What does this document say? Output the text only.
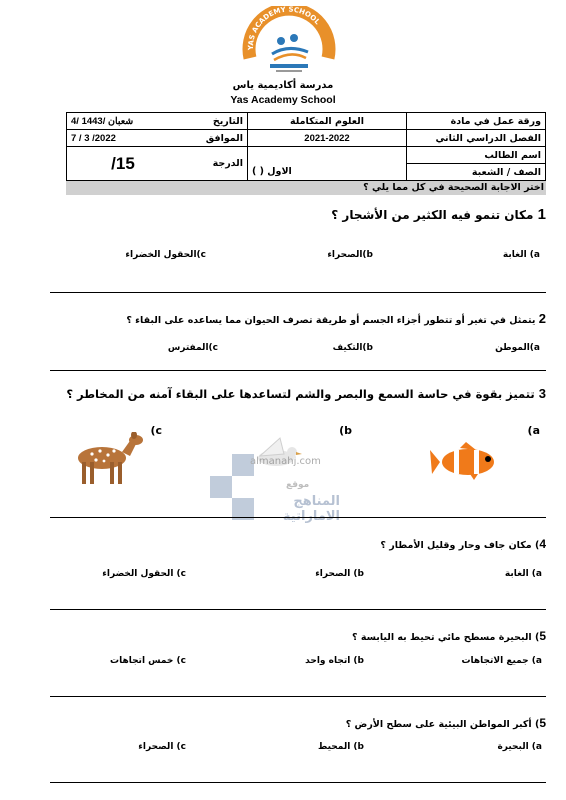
YAS ACADEMY SCHOOL
مدرسة أكاديمية ياس
Yas Academy School
ورقة عمل في مادة	العلوم المتكاملة	التاريخ	4/ شعبان /1443
الفصل الدراسي الثاني	2021-2022	الموافق	7 / 3 /2022
اسم الطالب		الدرجة	/15
الصف / الشعبة	الاول ( )		
اختر الاجابة الصحيحة في كل مما يلي ؟
1 مكان تنمو فيه الكثير من الأشجار ؟
a) الغابة
b)الصحراء
c)الحقول الخضراء
2 يتمثل في تغير أو تتطور أجزاء الجسم أو طريقة تصرف الحيوان مما يساعده على البقاء ؟
a)الموطن
b)التكيف
c)المفترس
3 تتميز بقوة في حاسة السمع والبصر والشم لتساعدها على البقاء آمنه من المخاطر ؟
a)
b)
c)
almanahj.com
موقع
المناهج الاماراتية
4) مكان جاف وحار وقليل الأمطار ؟
a) الغابة
b) الصحراء
c) الحقول الخضراء
5) البحيرة مسطح مائي تحيط به اليابسة ؟
a) جميع الاتجاهات
b) اتجاه واحد
c) خمس اتجاهات
5) أكبر المواطن البيئية على سطح الأرض ؟
a) البحيرة
b) المحيط
c) الصحراء
